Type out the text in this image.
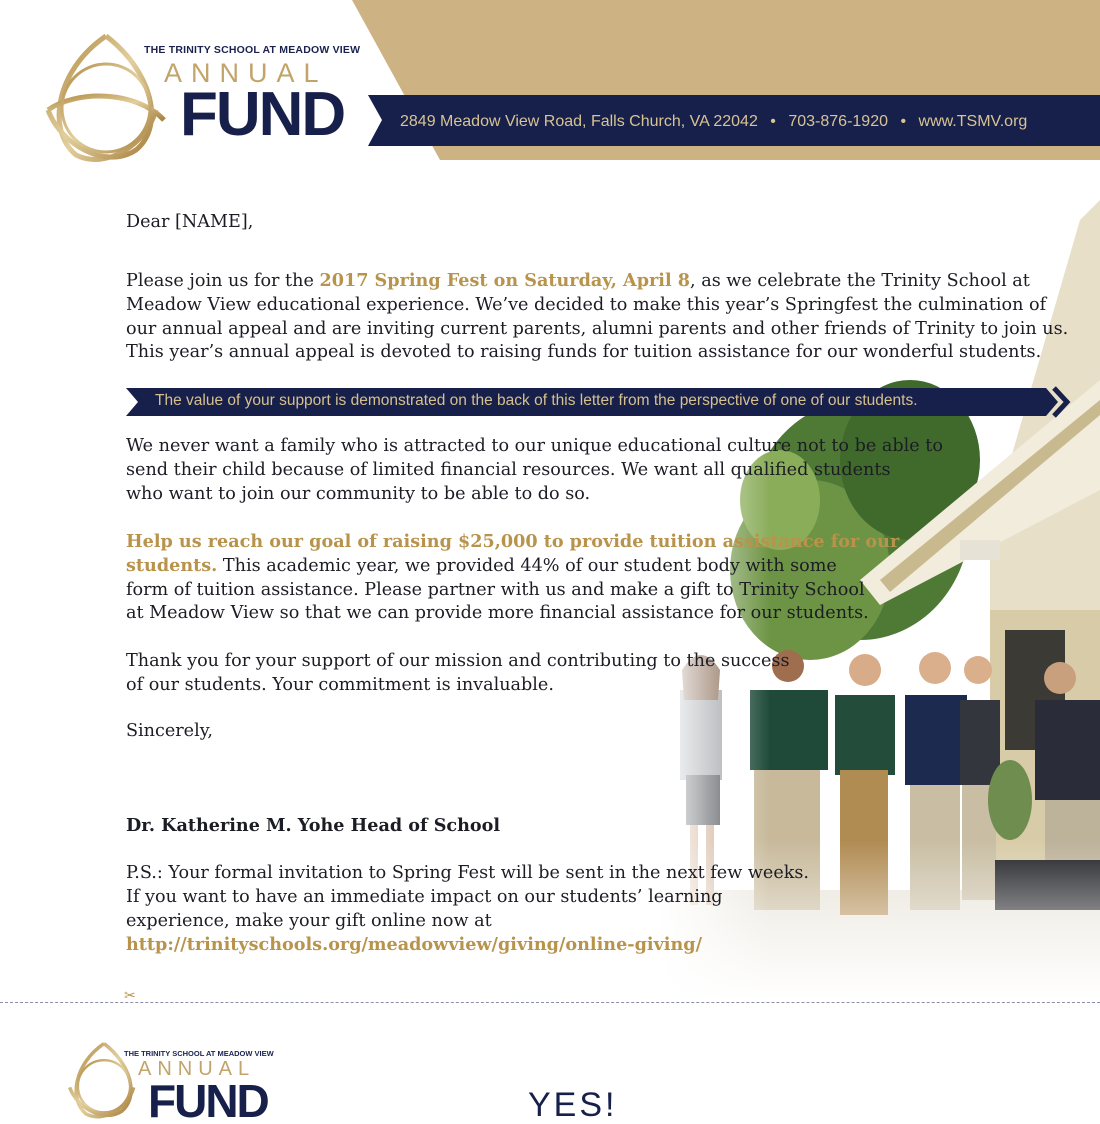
THE TRINITY SCHOOL AT MEADOW VIEW
ANNUAL
FUND	2849 Meadow View Road, Falls Church, VA 22042 • 703-876-1920 • www.TSMV.org
Dear [NAME],
Please join us for the 2017 Spring Fest on Saturday, April 8, as we celebrate the Trinity School at
Meadow View educational experience. We’ve decided to make this year’s Springfest the culmination of
our annual appeal and are inviting current parents, alumni parents and other friends of Trinity to join us.
This year’s annual appeal is devoted to raising funds for tuition assistance for our wonderful students.
The value of your support is demonstrated on the back of this letter from the perspective of one of our students.
We never want a family who is attracted to our unique educational culture not to be able to
send their child because of limited financial resources. We want all qualified students
who want to join our community to be able to do so.
Help us reach our goal of raising $25,000 to provide tuition assistance for our
students. This academic year, we provided 44% of our student body with some
form of tuition assistance. Please partner with us and make a gift to Trinity School
at Meadow View so that we can provide more financial assistance for our students.
Thank you for your support of our mission and contributing to the success
of our students. Your commitment is invaluable.
Sincerely,
Dr. Katherine M. Yohe Head of School
P.S.: Your formal invitation to Spring Fest will be sent in the next few weeks.
If you want to have an immediate impact on our students’ learning
experience, make your gift online now at
http://trinityschools.org/meadowview/giving/online-giving/
✂
THE TRINITY SCHOOL AT MEADOW VIEW
ANNUAL
FUND	YES!
